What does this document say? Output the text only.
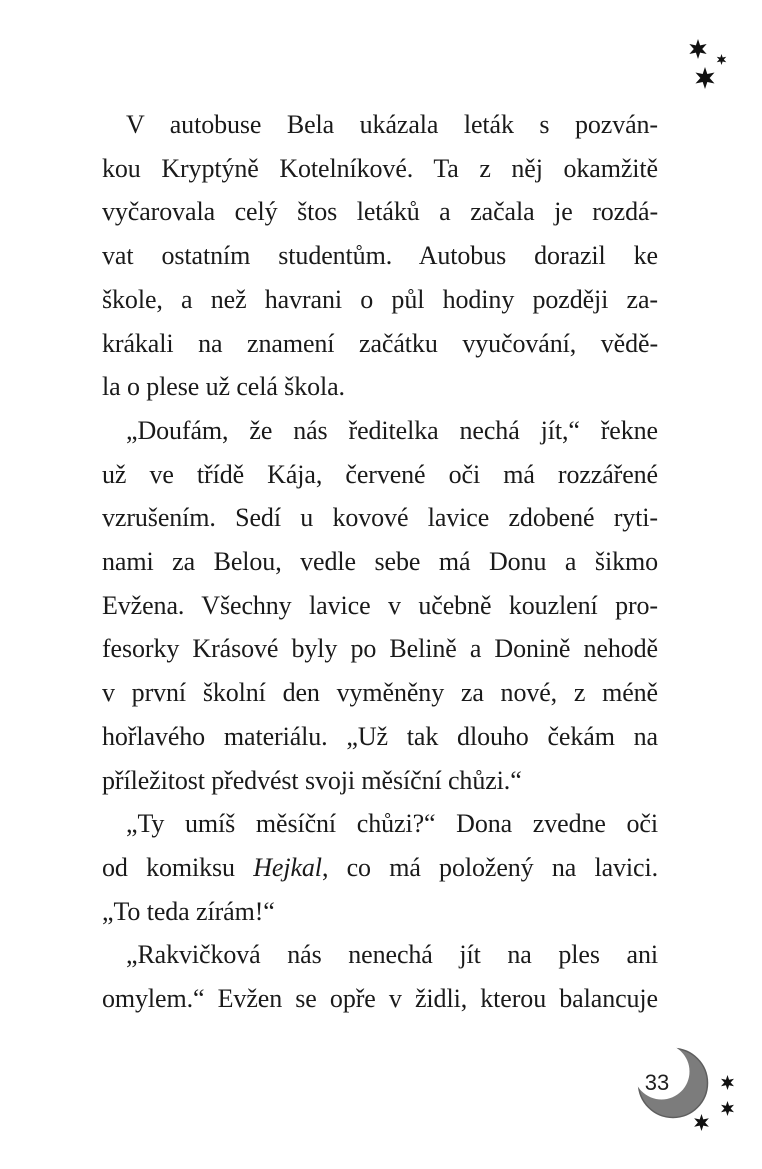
V autobuse Bela ukázala leták s pozván-
kou Kryptýně Kotelníkové. Ta z něj okamžitě
vyčarovala celý štos letáků a začala je rozdá-
vat ostatním studentům. Autobus dorazil ke
škole, a než havrani o půl hodiny později za-
krákali na znamení začátku vyučování, vědě-
la o plese už celá škola.
„Doufám, že nás ředitelka nechá jít,“ řekne
už ve třídě Kája, červené oči má rozzářené
vzrušením. Sedí u kovové lavice zdobené ryti-
nami za Belou, vedle sebe má Donu a šikmo
Evžena. Všechny lavice v učebně kouzlení pro-
fesorky Krásové byly po Belině a Donině nehodě
v první školní den vyměněny za nové, z méně
hořlavého materiálu. „Už tak dlouho čekám na
příležitost předvést svoji měsíční chůzi.“
„Ty umíš měsíční chůzi?“ Dona zvedne oči
od komiksu Hejkal, co má položený na lavici.
„To teda zírám!“
„Rakvičková nás nenechá jít na ples ani
omylem.“ Evžen se opře v židli, kterou balancuje
33
